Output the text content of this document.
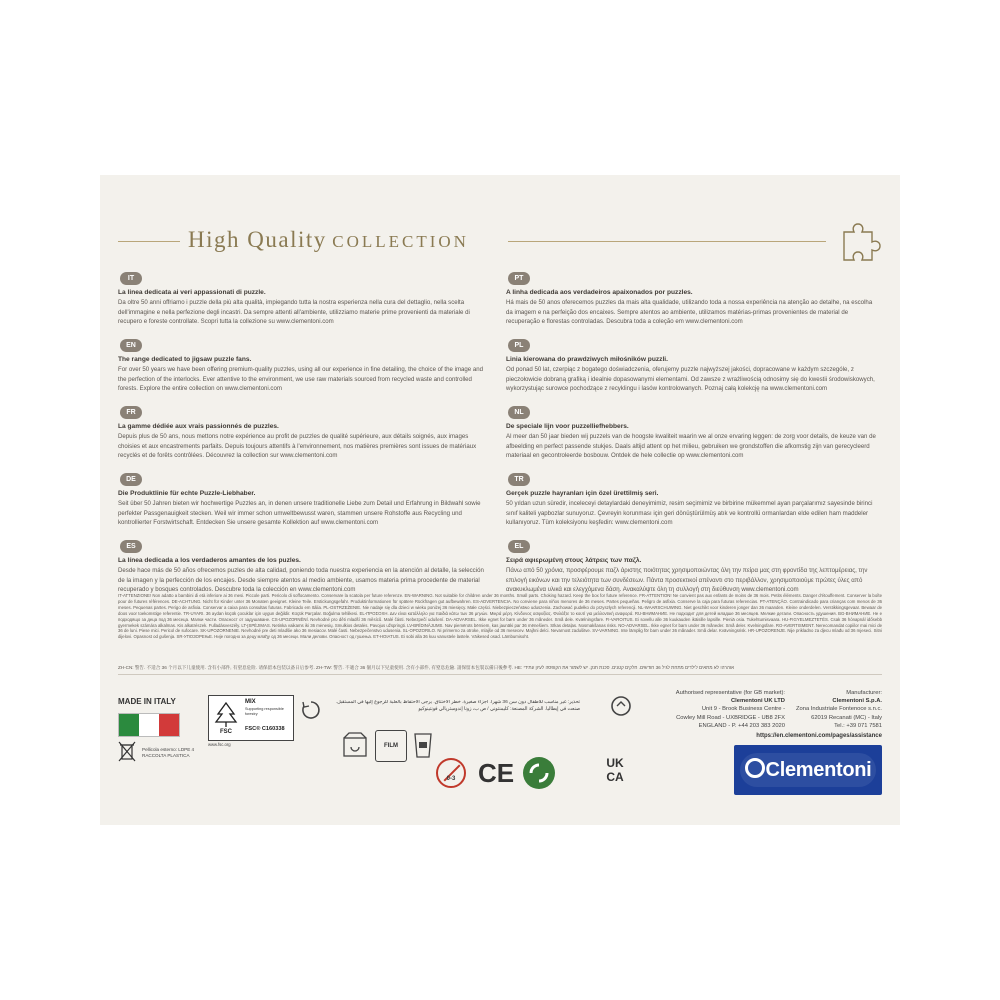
High Quality COLLECTION
IT
La linea dedicata ai veri appassionati di puzzle.
Da oltre 50 anni offriamo i puzzle della più alta qualità, impiegando tutta la nostra esperienza nella cura del dettaglio, nella scelta dell'immagine e nella perfezione degli incastri. Da sempre attenti all'ambiente, utilizziamo materie prime provenienti da materiale di recupero e foreste controllate. Scopri tutta la collezione su www.clementoni.com
EN
The range dedicated to jigsaw puzzle fans.
For over 50 years we have been offering premium-quality puzzles, using all our experience in fine detailing, the choice of the image and the perfection of the interlocks. Ever attentive to the environment, we use raw materials sourced from recycled waste and controlled forests. Explore the entire collection on www.clementoni.com
FR
La gamme dédiée aux vrais passionnés de puzzles.
Depuis plus de 50 ans, nous mettons notre expérience au profit de puzzles de qualité supérieure, aux détails soignés, aux images choisies et aux encastrements parfaits. Depuis toujours attentifs à l'environnement, nos matières premières sont issues de matériaux recyclés et de forêts contrôlées. Découvrez la collection sur www.clementoni.com
DE
Die Produktlinie für echte Puzzle-Liebhaber.
Seit über 50 Jahren bieten wir hochwertige Puzzles an, in denen unsere traditionelle Liebe zum Detail und Erfahrung in Bildwahl sowie perfekter Passgenauigkeit stecken. Weil wir immer schon umweltbewusst waren, stammen unsere Rohstoffe aus Recycling und kontrollierter Forstwirtschaft. Entdecken Sie unsere gesamte Kollektion auf www.clementoni.com
ES
La línea dedicada a los verdaderos amantes de los puzles.
Desde hace más de 50 años ofrecemos puzles de alta calidad, poniendo toda nuestra experiencia en la atención al detalle, la selección de la imagen y la perfección de los encajes. Desde siempre atentos al medio ambiente, usamos materia prima procedente de material recuperado y bosques controlados. Descubre toda la colección en www.clementoni.com
PT
A linha dedicada aos verdadeiros apaixonados por puzzles.
Há mais de 50 anos oferecemos puzzles da mais alta qualidade, utilizando toda a nossa experiência na atenção ao detalhe, na escolha da imagem e na perfeição dos encaixes. Sempre atentos ao ambiente, utilizamos matérias-primas provenientes de material de recuperação e florestas controladas. Descubra toda a coleção em www.clementoni.com
PL
Linia kierowana do prawdziwych miłośników puzzli.
Od ponad 50 lat, czerpiąc z bogatego doświadczenia, oferujemy puzzle najwyższej jakości, dopracowane w każdym szczególe, z pieczołowicie dobraną grafiką i idealnie dopasowanymi elementami. Od zawsze z wrażliwością odnosimy się do kwestii środowiskowych, wykorzystując surowce pochodzące z recyklingu i lasów kontrolowanych. Poznaj całą kolekcję na www.clementoni.com
NL
De speciale lijn voor puzzelliefhebbers.
Al meer dan 50 jaar bieden wij puzzels van de hoogste kwaliteit waarin we al onze ervaring leggen: de zorg voor details, de keuze van de afbeelding en perfect passende stukjes. Daals altijd attent op het milieu, gebruiken we grondstoffen die afkomstig zijn van gerecycleerd materiaal en gecontroleerde bosbouw. Ontdek de hele collectie op www.clementoni.com
TR
Gerçek puzzle hayranları için özel ürettilmiş seri.
50 yıldan uzun süredir, inceleceyi detaylardaki deneyimimiz, resim seçimimiz ve birbirine mükemmel ayan parçalarımız sayesinde birinci sınıf kaliteli yapbozlar sunuyoruz. Çevreyin korunması için geri dönüştürülmüş atık ve kontrollü ormanlardan elde edilen ham maddeler kullanıyoruz. Tüm koleksiyonu keşfedin: www.clementoni.com
EL
Σειρά αφιερωμένη στους λάτρεις των παζλ.
Πάνω από 50 χρόνια, προσφέρουμε παζλ άριστης ποιότητας χρησιμοποιώντας όλη την πείρα μας στη φροντίδα της λεπτομέρειας, την επιλογή εικόνων και την τελειότητα των συνδέσεων. Πάντα προσεκτικοί απέναντι στο περιβάλλον, χρησιμοποιούμε πρώτες ύλες από ανακυκλωμένα υλικά και ελεγχόμενα δάση. Ανακαλύψτε όλη τη συλλογή στη διεύθυνση www.clementoni.com
IT-ATTENZIONE! Non adatto a bambini di età inferiore ai 36 mesi. Piccole parti. Pericolo di soffocamento. Conservare la scatola per future referenze. EN-WARNING. Not suitable for children under 36 months. Small parts. Choking hazard. Keep the box for future reference. FR-ATTENTION! Ne convient pas aux enfants de moins de 36 mois. Petits éléments. Danger d'étouffement. Conserver la boîte pour de futures références. DE-ACHTUNG. Nicht für Kinder unter 36 Monaten geeignet. Kleine Teile. Erstickungsgefahr. Produktinformationen für spätere Rückfragen gut aufbewahren. ES-ADVERTENCIA. No conviene para niños menores de 36 meses. Partes pequeñas. Peligro de asfixia. Conserve la caja para futuras referencias. PT-ATENÇÃO. Contraindicado para crianças com menos de 36 meses. Pequenas partes. Perigo de asfixia. Conservar a caixa para consultas futuras. Fabricado em Itália. PL-OSTRZEŻENIE. Nie nadaje się dla dzieci w wieku poniżej 36 miesięcy. Małe części. Niebezpieczeństwo uduszenia. Zachować pudełko do przyszłych referencji. NL-WAARSCHUWING. Niet geschikt voor kinderen jonger dan 36 maanden. Kleine onderdelen. Verstikkingsgevaar. Bewaar de doos voor toekomstige referentie. TR-UYARI. 36 aydan küçük çocuklar için uygun değildir. Küçük Parçalar. Boğulma tehlikesi. EL-ΠΡΟΣΟΧΗ. Δεν είναι κατάλληλο για παιδιά κάτω των 36 μηνών. Μικρά μέρη. Κίνδυνος ασφυξίας. Φυλάξτε το κουτί για μελλοντική αναφορά. RU-ВНИМАНИЕ. Не подходит для детей младше 36 месяцев. Мелкие детали. Опасность удушения. BG-ВНИМАНИЕ. Не е подходящо за деца под 36 месеца. Малки части. Опасност от задушаване. CS-UPOZORNĚNÍ. Nevhodné pro děti mladší 36 měsíců. Malé části. Nebezpečí udušení. DA-ADVARSEL. Ikke egnet for børn under 36 måneder. Små dele. Kvælningsfare. FI-VAROITUS. Ei sovellu alle 36 kuukauden ikäisille lapsille. Pieniä osia. Tukehtumisvaara. HU-FIGYELMEZTETÉS. Csak 36 hónapnál idősebb gyermekek számára alkalmas. Kis alkatrészek. Fulladásveszély. LT-ĮSPĖJIMAS. Netinka vaikams iki 36 mėnesių. Smulkios detalės. Pavojus užspringti. LV-BRĪDINĀJUMS. Nav piemērots bērniem, kas jaunāki par 36 mēnešiem. Sīkas detaļas. Nosmakšanas risks. NO-ADVARSEL. Ikke egnet for barn under 36 måneder. Små deler. Kvelningsfare. RO-AVERTISMENT. Nerecomandat copiilor mai mici de 36 de luni. Piese mici. Pericol de sufocare. SK-UPOZORNENIE. Nevhodné pre deti mladšie ako 36 mesiacov. Malé časti. Nebezpečenstvo udusenia. SL-OPOZORILO. Ni primerno za otroke, mlajše od 36 mesecev. Majhni delci. Nevarnost zadušitve. SV-VARNING. Inte lämplig för barn under 36 månader. Små delar. Kvävningsrisk. HR-UPOZORENJE. Nije prikladno za djecu mlađu od 36 mjeseci. Sitni dijelovi. Opasnost od gušenja. SR-УПОЗОРЕЊЕ. Није погодно за децу млађу од 36 месеци. Мали делови. Опасност од гушења. ET-HOIATUS. Ei sobi alla 36 kuu vanustele lastele. Väikesed osad. Lämbumisoht.
ZH-CN: 警告. 不适合 36 个月以下儿童使用. 含有小部件, 有窒息危险. 请保留本包装以备日后参考. ZH-TW: 警告. 不適合 36 個月以下兒童使用. 含有小部件, 有窒息危險. 請保留本包裝以備日後參考. HE: אזהרה! לא מתאים לילדים מתחת לגיל 36 חודשים. חלקים קטנים. סכנת חנק. יש לשמור את הקופסה לעיון עתידי
MADE IN ITALY
Pellicola esterno: LDPE 4 RACCOLTA PLASTICA
FSC
MIX
Supporting responsible forestry
FSC® C160338
www.fsc.org
تحذير: غير مناسب للأطفال دون سن 36 شهرا. أجزاء صغيرة. خطر الاختناق. يرجى الاحتفاظ بالعلبة للرجوع إليها في المستقبل. صنعت في إيطاليا. الشركة المصنعة: كليمنتوني / ص ب، زونا إندوستريالي فونتينوكيو
FILM
0-3 CE	UK CA
Authorised representative (for GB market):
Clementoni UK LTD
Unit 9 - Brook Business Centre -
Cowley Mill Road - UXBRIDGE - UB8 2FX
ENGLAND - P. +44 203 383 2020
Manufacturer:
Clementoni S.p.A.
Zona Industriale Fontenoce s.n.c.
62019 Recanati (MC) - Italy
Tel.: +39 071 7581
https://en.clementoni.com/pages/assistance
Clementoni
